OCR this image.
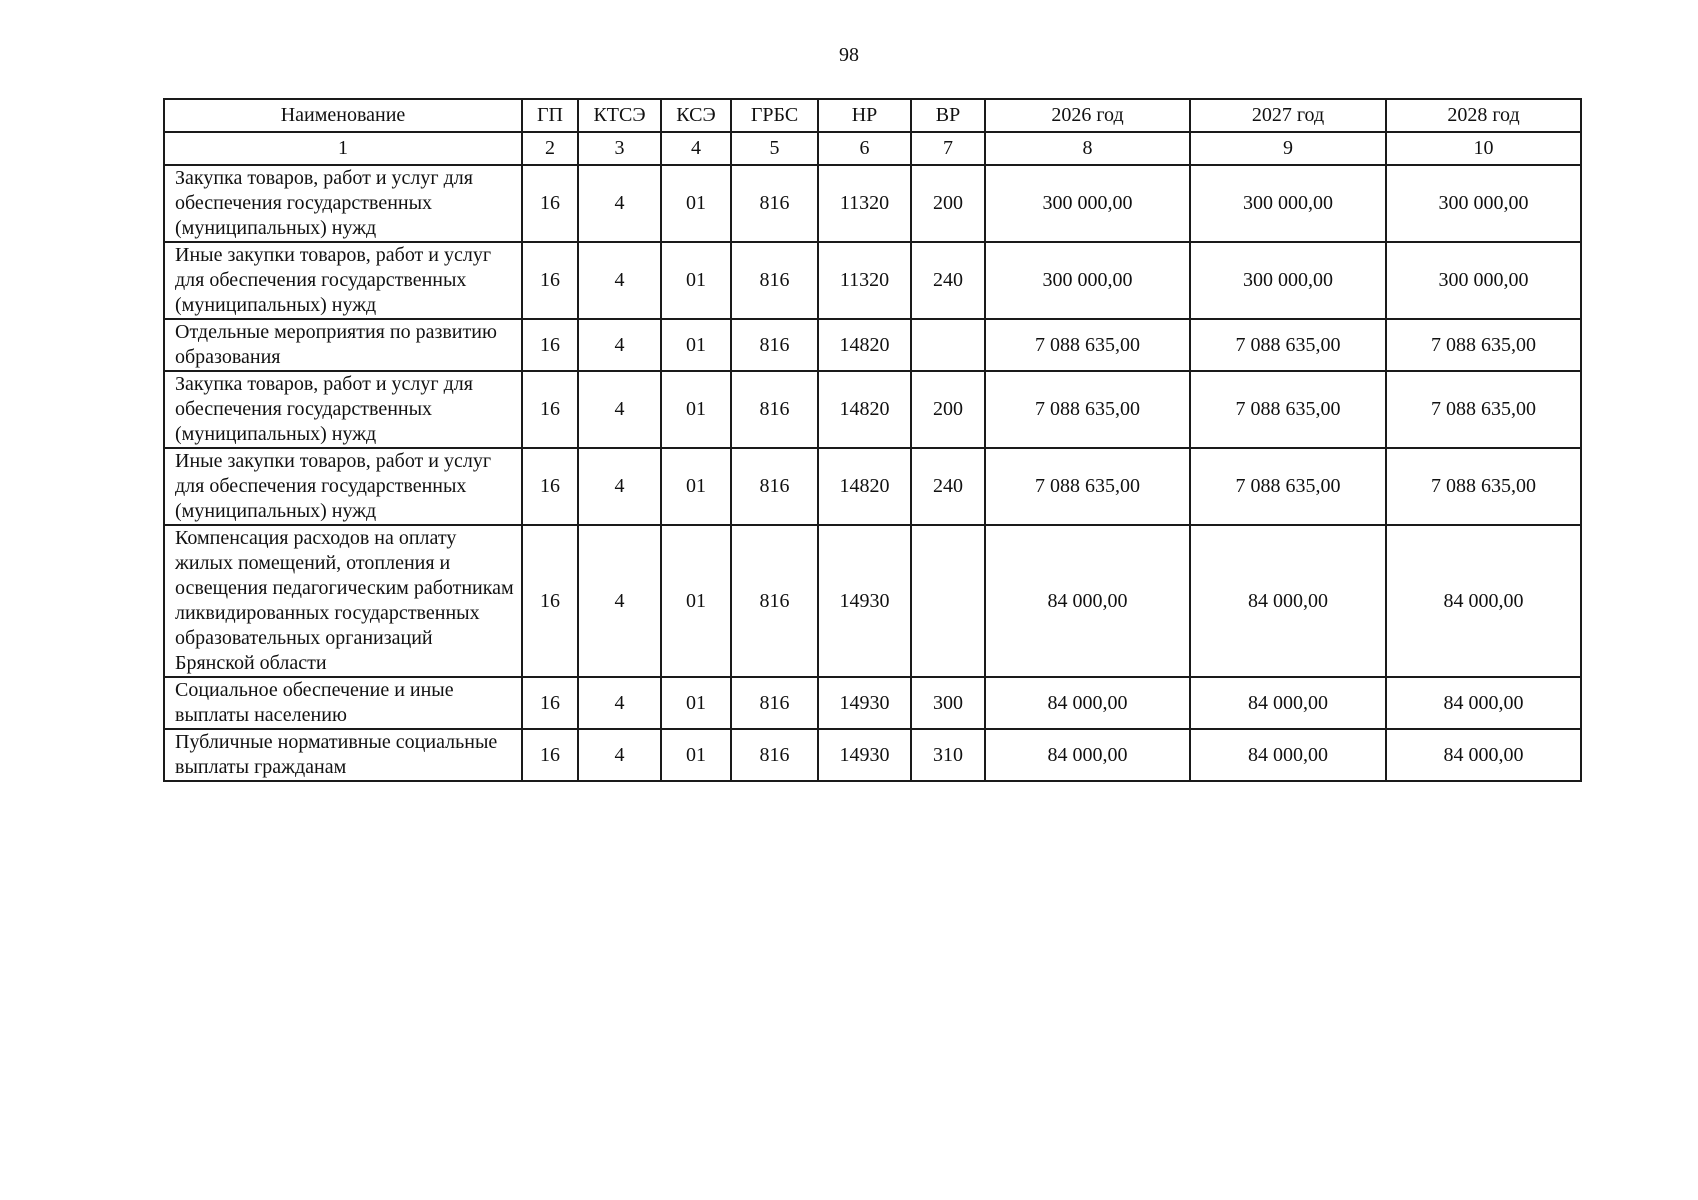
98
Наименование	ГП	КТСЭ	КСЭ	ГРБС	НР	ВР	2026 год	2027 год	2028 год
1	2	3	4	5	6	7	8	9	10
Закупка товаров, работ и услуг для обеспечения государственных (муниципальных) нужд	16	4	01	816	11320	200	300 000,00	300 000,00	300 000,00
Иные закупки товаров, работ и услуг для обеспечения государственных (муниципальных) нужд	16	4	01	816	11320	240	300 000,00	300 000,00	300 000,00
Отдельные мероприятия по развитию образования	16	4	01	816	14820		7 088 635,00	7 088 635,00	7 088 635,00
Закупка товаров, работ и услуг для обеспечения государственных (муниципальных) нужд	16	4	01	816	14820	200	7 088 635,00	7 088 635,00	7 088 635,00
Иные закупки товаров, работ и услуг для обеспечения государственных (муниципальных) нужд	16	4	01	816	14820	240	7 088 635,00	7 088 635,00	7 088 635,00
Компенсация расходов на оплату жилых помещений, отопления и освещения педагогическим работникам ликвидированных государственных образовательных организаций Брянской области	16	4	01	816	14930		84 000,00	84 000,00	84 000,00
Социальное обеспечение и иные выплаты населению	16	4	01	816	14930	300	84 000,00	84 000,00	84 000,00
Публичные нормативные социальные выплаты гражданам	16	4	01	816	14930	310	84 000,00	84 000,00	84 000,00
